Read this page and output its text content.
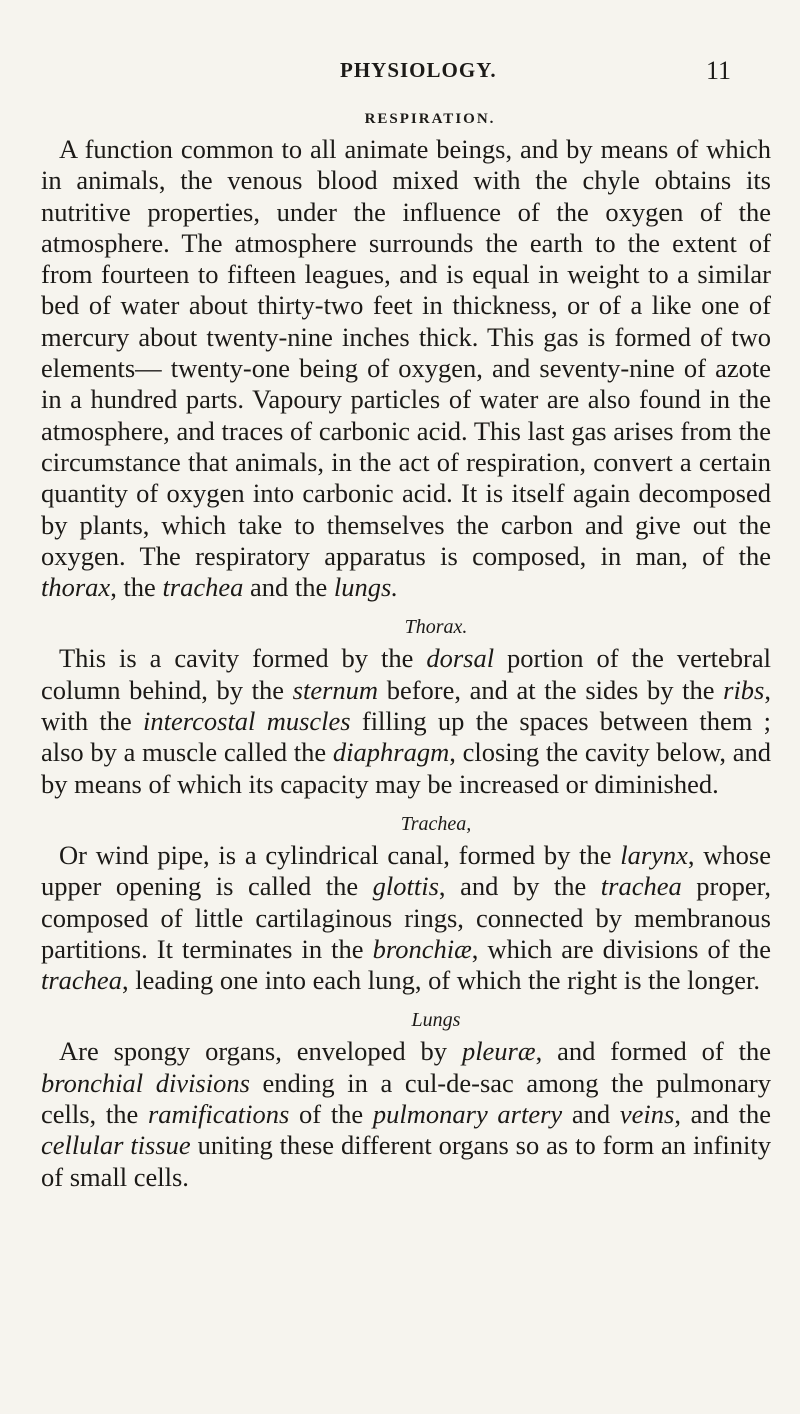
PHYSIOLOGY.	11
RESPIRATION.

A function common to all animate beings, and by means of which in animals, the venous blood mixed with the chyle obtains its nutritive properties, under the influence of the oxygen of the atmosphere. The atmosphere surrounds the earth to the extent of from fourteen to fifteen leagues, and is equal in weight to a similar bed of water about thirty-two feet in thickness, or of a like one of mercury about twenty-nine inches thick. This gas is formed of two elements— twenty-one being of oxygen, and seventy-nine of azote in a hundred parts. Vapoury particles of water are also found in the atmosphere, and traces of carbonic acid. This last gas arises from the circumstance that animals, in the act of respiration, convert a certain quantity of oxygen into carbonic acid. It is itself again decomposed by plants, which take to themselves the carbon and give out the oxygen. The respiratory apparatus is composed, in man, of the thorax, the trachea and the lungs.

Thorax.

This is a cavity formed by the dorsal portion of the vertebral column behind, by the sternum before, and at the sides by the ribs, with the intercostal muscles filling up the spaces between them ; also by a muscle called the diaphragm, closing the cavity below, and by means of which its capacity may be increased or diminished.

Trachea,

Or wind pipe, is a cylindrical canal, formed by the larynx, whose upper opening is called the glottis, and by the trachea proper, composed of little cartilaginous rings, connected by membranous partitions. It terminates in the bronchiæ, which are divisions of the trachea, leading one into each lung, of which the right is the longer.

Lungs

Are spongy organs, enveloped by pleuræ, and formed of the bronchial divisions ending in a cul-de-sac among the pulmonary cells, the ramifications of the pulmonary artery and veins, and the cellular tissue uniting these different organs so as to form an infinity of small cells.
